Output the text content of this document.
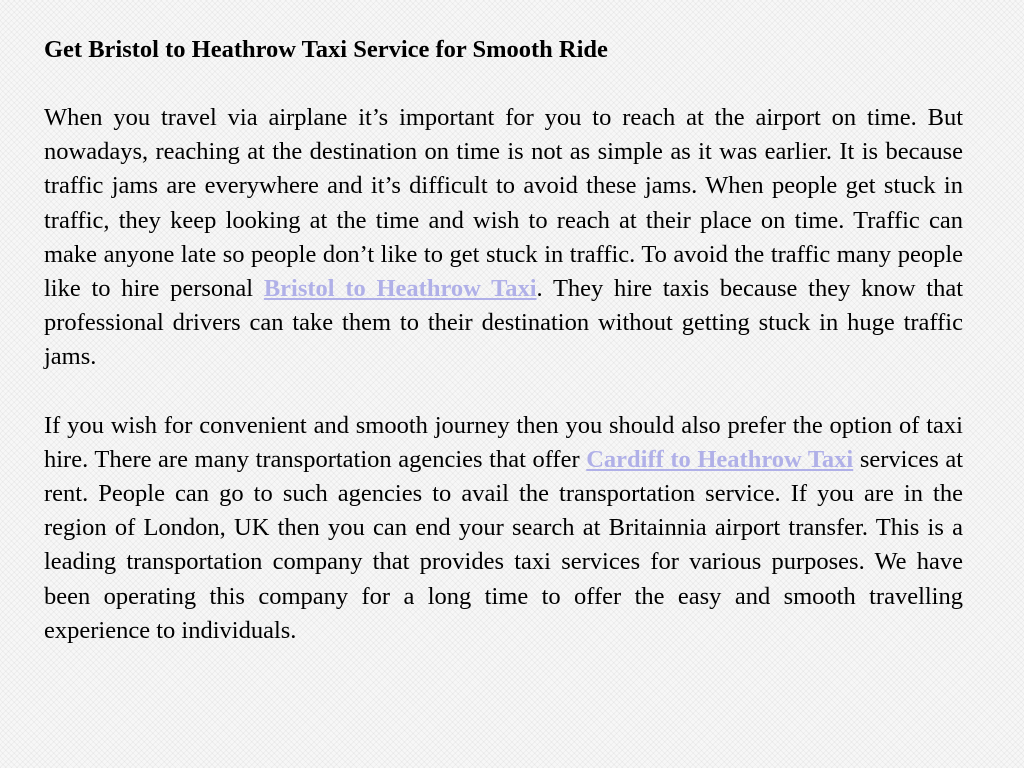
Get Bristol to Heathrow Taxi Service for Smooth Ride

When you travel via airplane it’s important for you to reach at the airport on time. But nowadays, reaching at the destination on time is not as simple as it was earlier. It is because traffic jams are everywhere and it’s difficult to avoid these jams. When people get stuck in traffic, they keep looking at the time and wish to reach at their place on time. Traffic can make anyone late so people don’t like to get stuck in traffic. To avoid the traffic many people like to hire personal Bristol to Heathrow Taxi. They hire taxis because they know that professional drivers can take them to their destination without getting stuck in huge traffic jams.

If you wish for convenient and smooth journey then you should also prefer the option of taxi hire. There are many transportation agencies that offer Cardiff to Heathrow Taxi services at rent. People can go to such agencies to avail the transportation service. If you are in the region of London, UK then you can end your search at Britainnia airport transfer. This is a leading transportation company that provides taxi services for various purposes. We have been operating this company for a long time to offer the easy and smooth travelling experience to individuals.
